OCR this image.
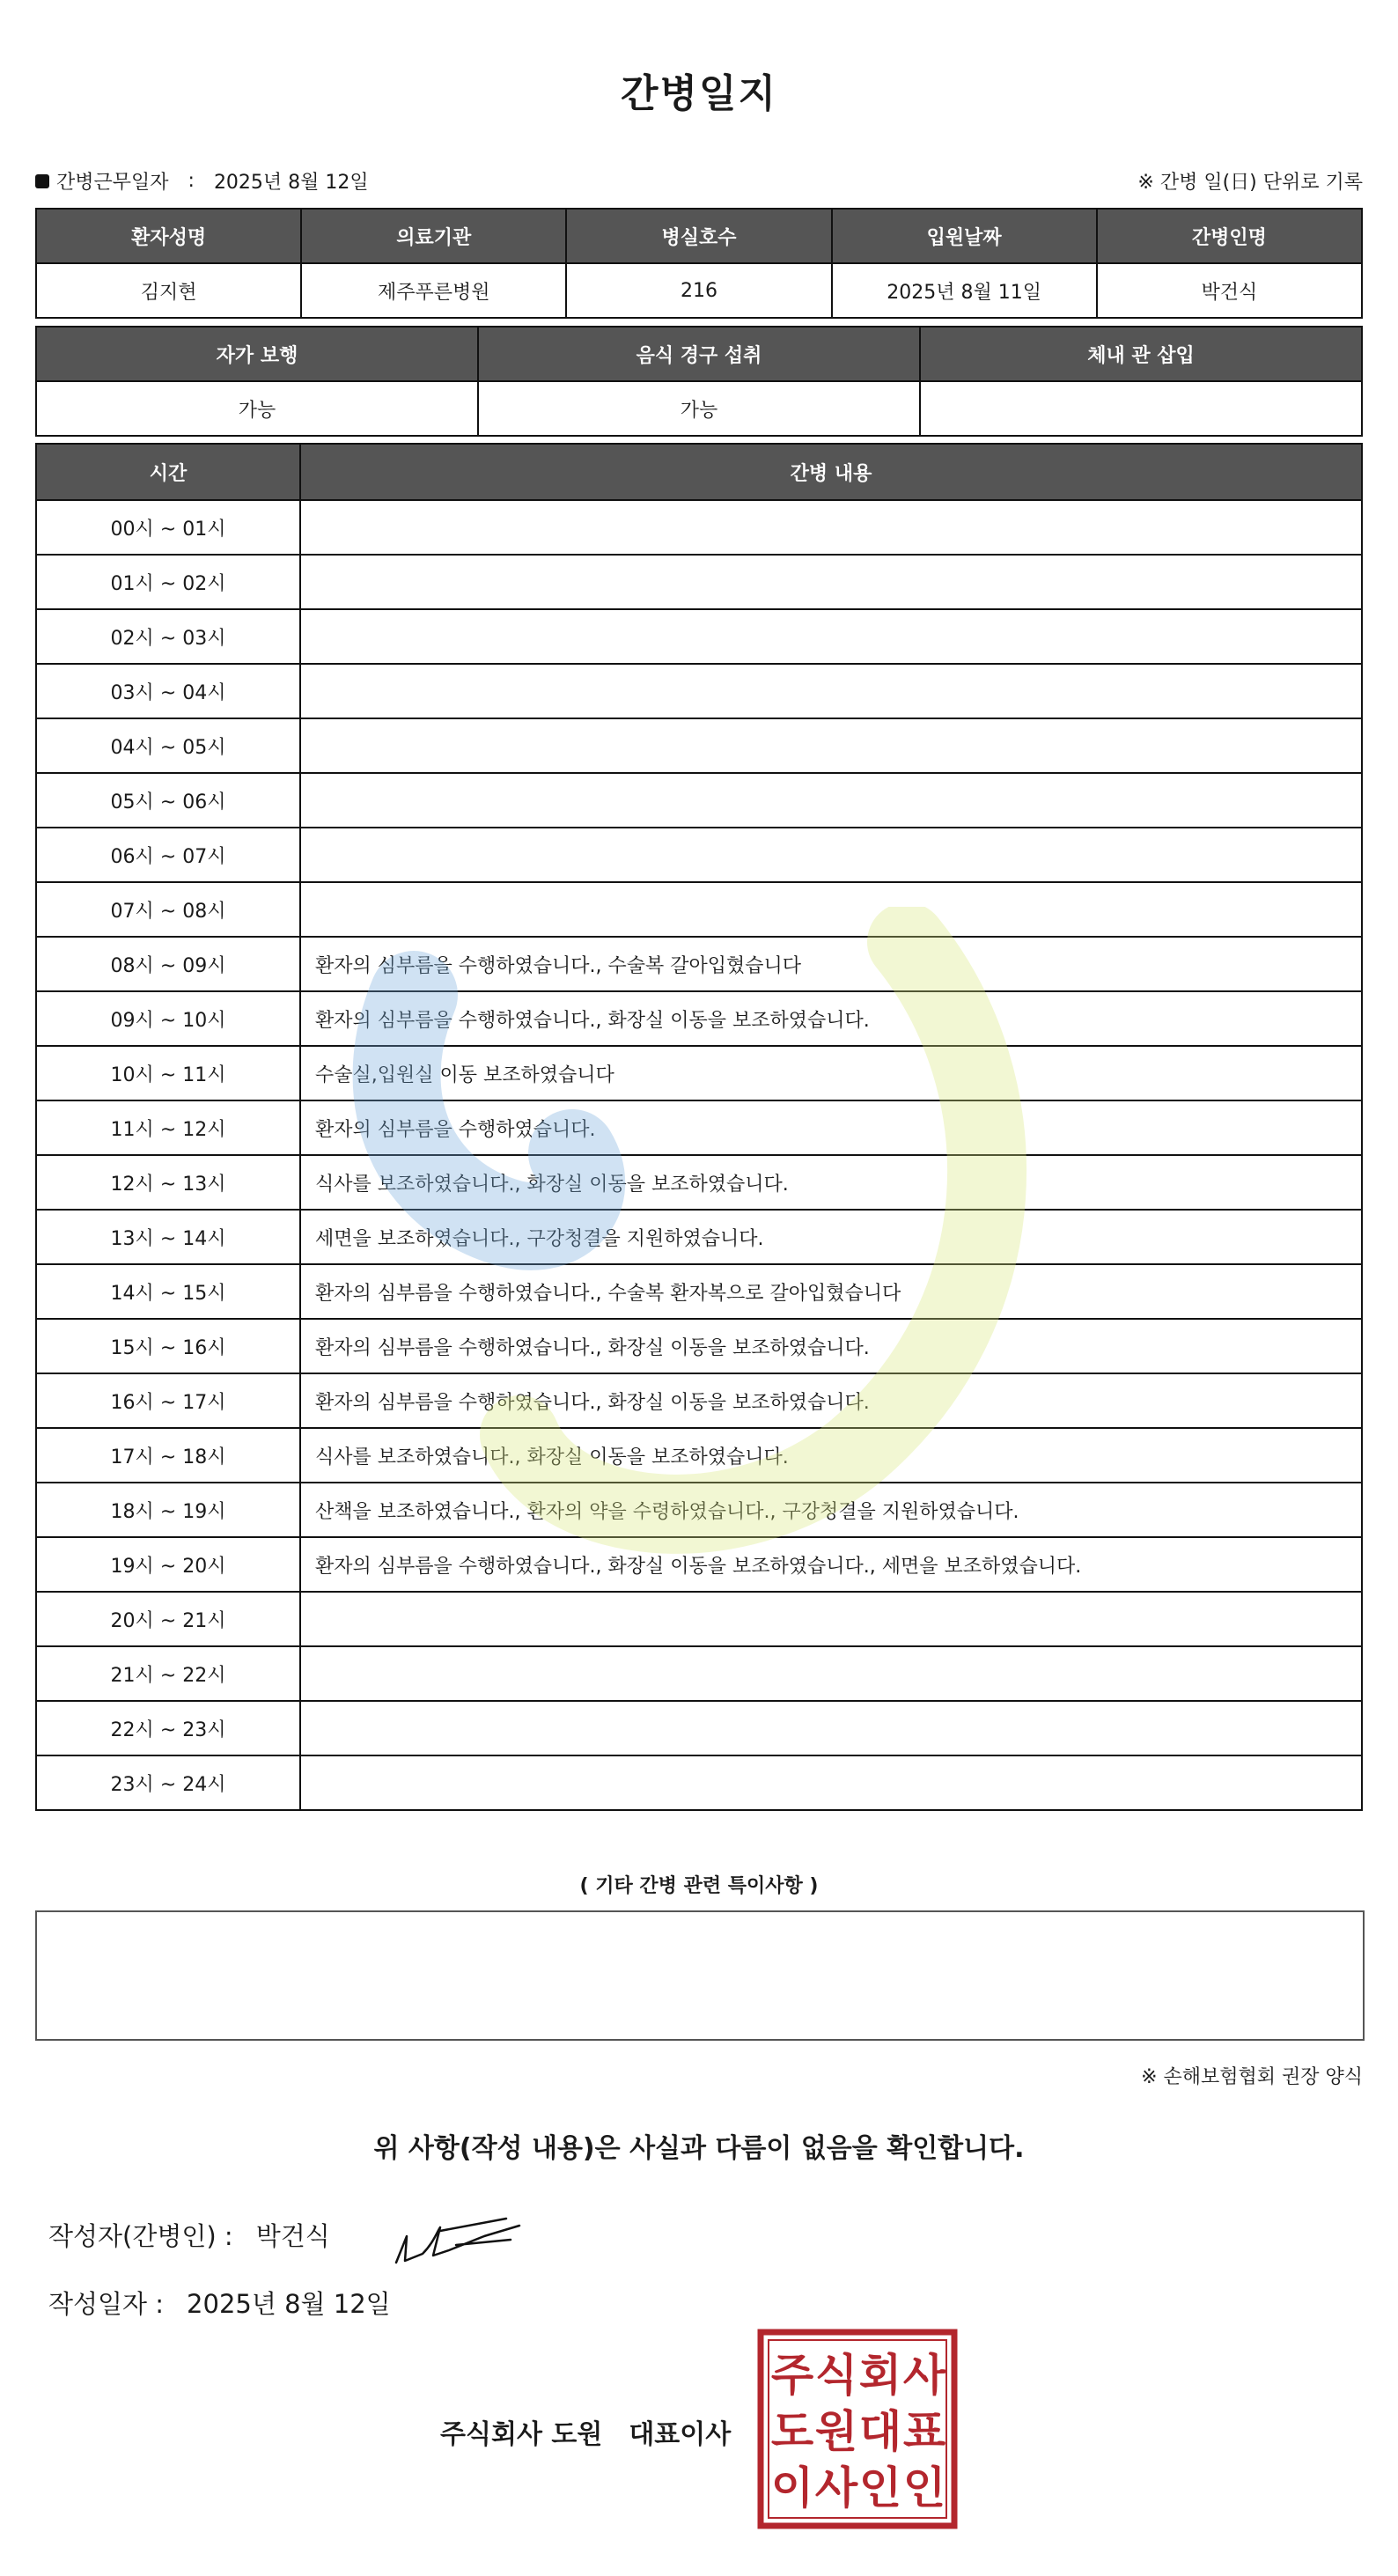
간병일지
간병근무일자 : 2025년 8월 12일	※ 간병 일(日) 단위로 기록
환자성명	의료기관	병실호수	입원날짜	간병인명
김지현	제주푸른병원	216	2025년 8월 11일	박건식
자가 보행	음식 경구 섭취	체내 관 삽입
가능	가능	
시간	간병 내용
00시 ~ 01시	
01시 ~ 02시	
02시 ~ 03시	
03시 ~ 04시	
04시 ~ 05시	
05시 ~ 06시	
06시 ~ 07시	
07시 ~ 08시	
08시 ~ 09시	환자의 심부름을 수행하였습니다., 수술복 갈아입혔습니다
09시 ~ 10시	환자의 심부름을 수행하였습니다., 화장실 이동을 보조하였습니다.
10시 ~ 11시	수술실,입원실 이동 보조하였습니다
11시 ~ 12시	환자의 심부름을 수행하였습니다.
12시 ~ 13시	식사를 보조하였습니다., 화장실 이동을 보조하였습니다.
13시 ~ 14시	세면을 보조하였습니다., 구강청결을 지원하였습니다.
14시 ~ 15시	환자의 심부름을 수행하였습니다., 수술복 환자복으로 갈아입혔습니다
15시 ~ 16시	환자의 심부름을 수행하였습니다., 화장실 이동을 보조하였습니다.
16시 ~ 17시	환자의 심부름을 수행하였습니다., 화장실 이동을 보조하였습니다.
17시 ~ 18시	식사를 보조하였습니다., 화장실 이동을 보조하였습니다.
18시 ~ 19시	산책을 보조하였습니다., 환자의 약을 수령하였습니다., 구강청결을 지원하였습니다.
19시 ~ 20시	환자의 심부름을 수행하였습니다., 화장실 이동을 보조하였습니다., 세면을 보조하였습니다.
20시 ~ 21시	
21시 ~ 22시	
22시 ~ 23시	
23시 ~ 24시	
( 기타 간병 관련 특이사항 )
※ 손해보험협회 권장 양식
위 사항(작성 내용)은 사실과 다름이 없음을 확인합니다.
작성자(간병인) : 박건식
작성일자 : 2025년 8월 12일
주식회사 도원 대표이사
주 식 회 사
도 원 대 표
이 사 인 인
